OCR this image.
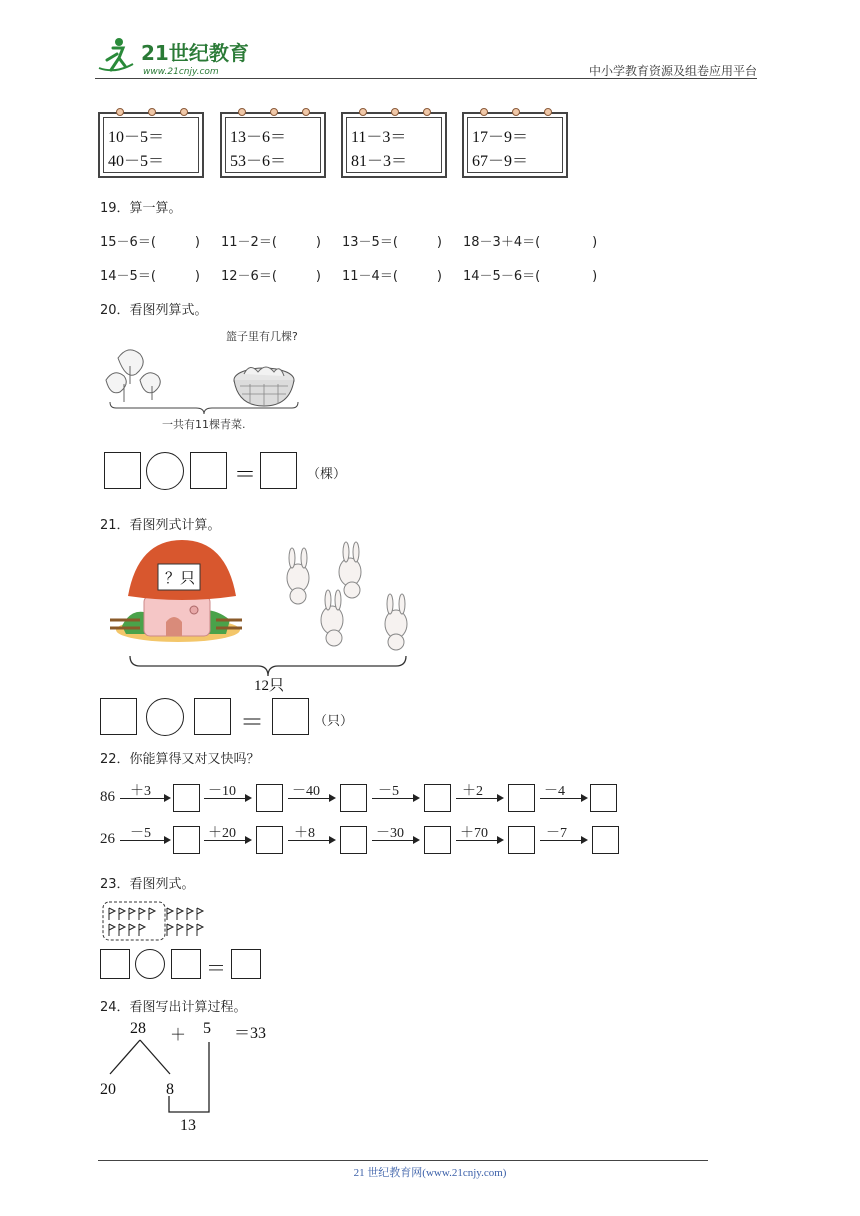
21世纪教育
www.21cnjy.com	中小学教育资源及组卷应用平台
10－5＝
40－5＝
13－6＝
53－6＝
11－3＝
81－3＝
17－9＝
67－9＝
19．算一算。
15－6＝(　　　) 11－2＝(　　　) 13－5＝(　　　) 18－3＋4＝(　　　　)
14－5＝(　　　) 12－6＝(　　　) 11－4＝(　　　) 14－5－6＝(　　　　)
20．看图列算式。
篮子里有几棵?
一共有11棵青菜.
＝	（棵）
21．看图列式计算。
？只
12只
＝	（只）
22．你能算得又对又快吗？
86 ＋3	－10	－40	－5	＋2	－4
26 －5	＋20	＋8	－30	＋70	－7
23．看图列式。
＝
24．看图写出计算过程。
28 ＋ 5 ＝33
20	8
13
21 世纪教育网(www.21cnjy.com)
